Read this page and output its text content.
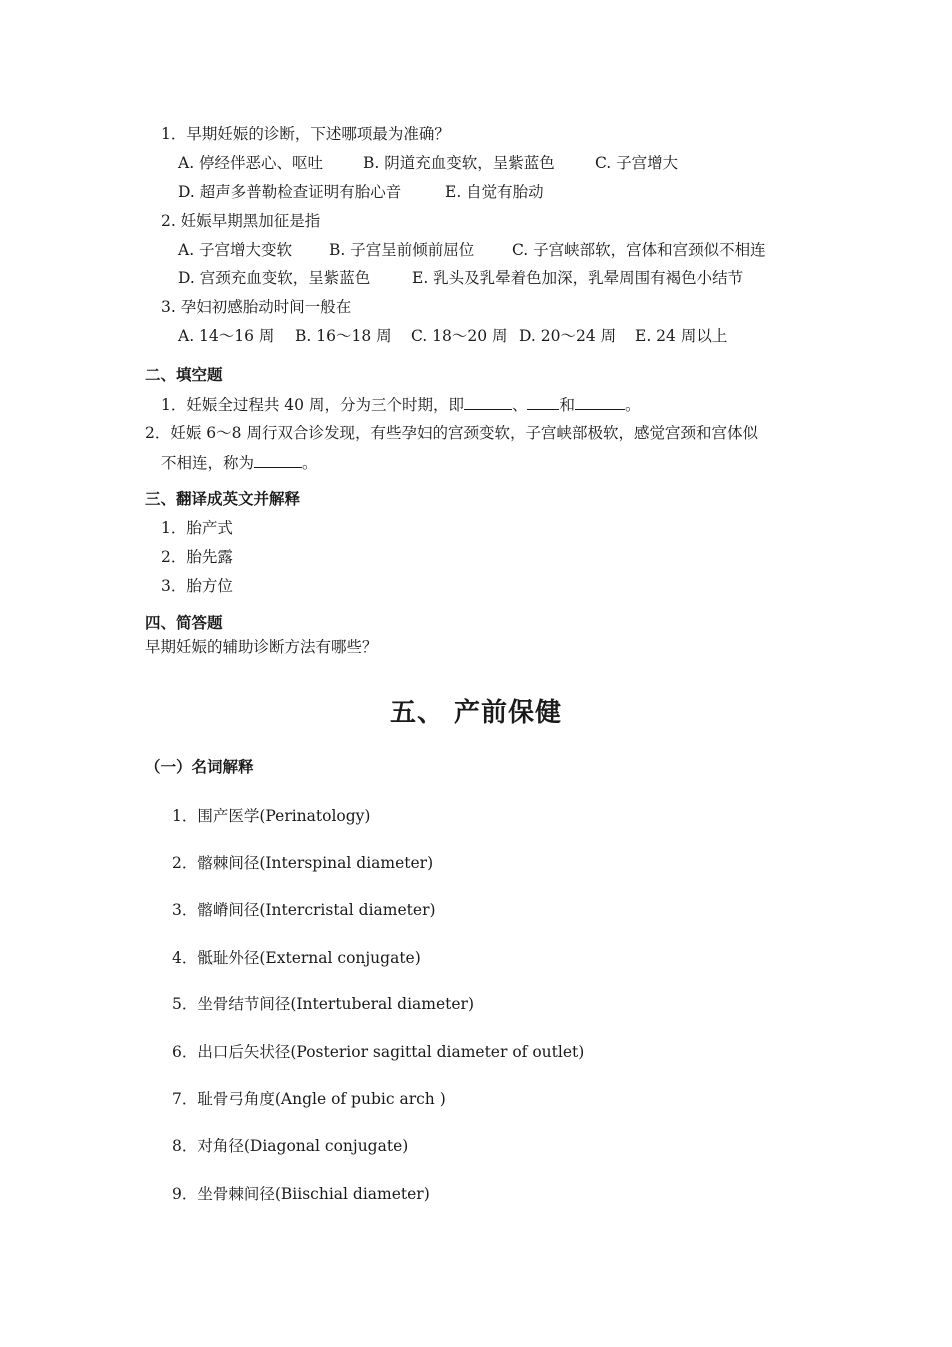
1．早期妊娠的诊断，下述哪项最为准确？
A. 停经伴恶心、呕吐	B. 阴道充血变软，呈紫蓝色	C. 子宫增大
D. 超声多普勒检查证明有胎心音	E. 自觉有胎动
2. 妊娠早期黑加征是指
A. 子宫增大变软 B. 子宫呈前倾前屈位 C. 子宫峡部软，宫体和宫颈似不相连
D. 宫颈充血变软，呈紫蓝色	E. 乳头及乳晕着色加深，乳晕周围有褐色小结节
3. 孕妇初感胎动时间一般在
A. 14～16 周 B. 16～18 周 C. 18～20 周 D. 20～24 周 E. 24 周以上
二、填空题
1．妊娠全过程共 40 周，分为三个时期，即	、 和	。
2．妊娠 6～8 周行双合诊发现，有些孕妇的宫颈变软，子宫峡部极软，感觉宫颈和宫体似
不相连，称为	。
三、翻译成英文并解释
1．胎产式
2．胎先露
3．胎方位
四、简答题
早期妊娠的辅助诊断方法有哪些？
五、 产前保健
（一）名词解释
1．围产医学(Perinatology)
2．髂棘间径(Interspinal diameter)
3．髂嵴间径(Intercristal diameter)
4．骶耻外径(External conjugate)
5．坐骨结节间径(Intertuberal diameter)
6．出口后矢状径(Posterior sagittal diameter of outlet)
7．耻骨弓角度(Angle of pubic arch )
8．对角径(Diagonal conjugate)
9．坐骨棘间径(Biischial diameter)
